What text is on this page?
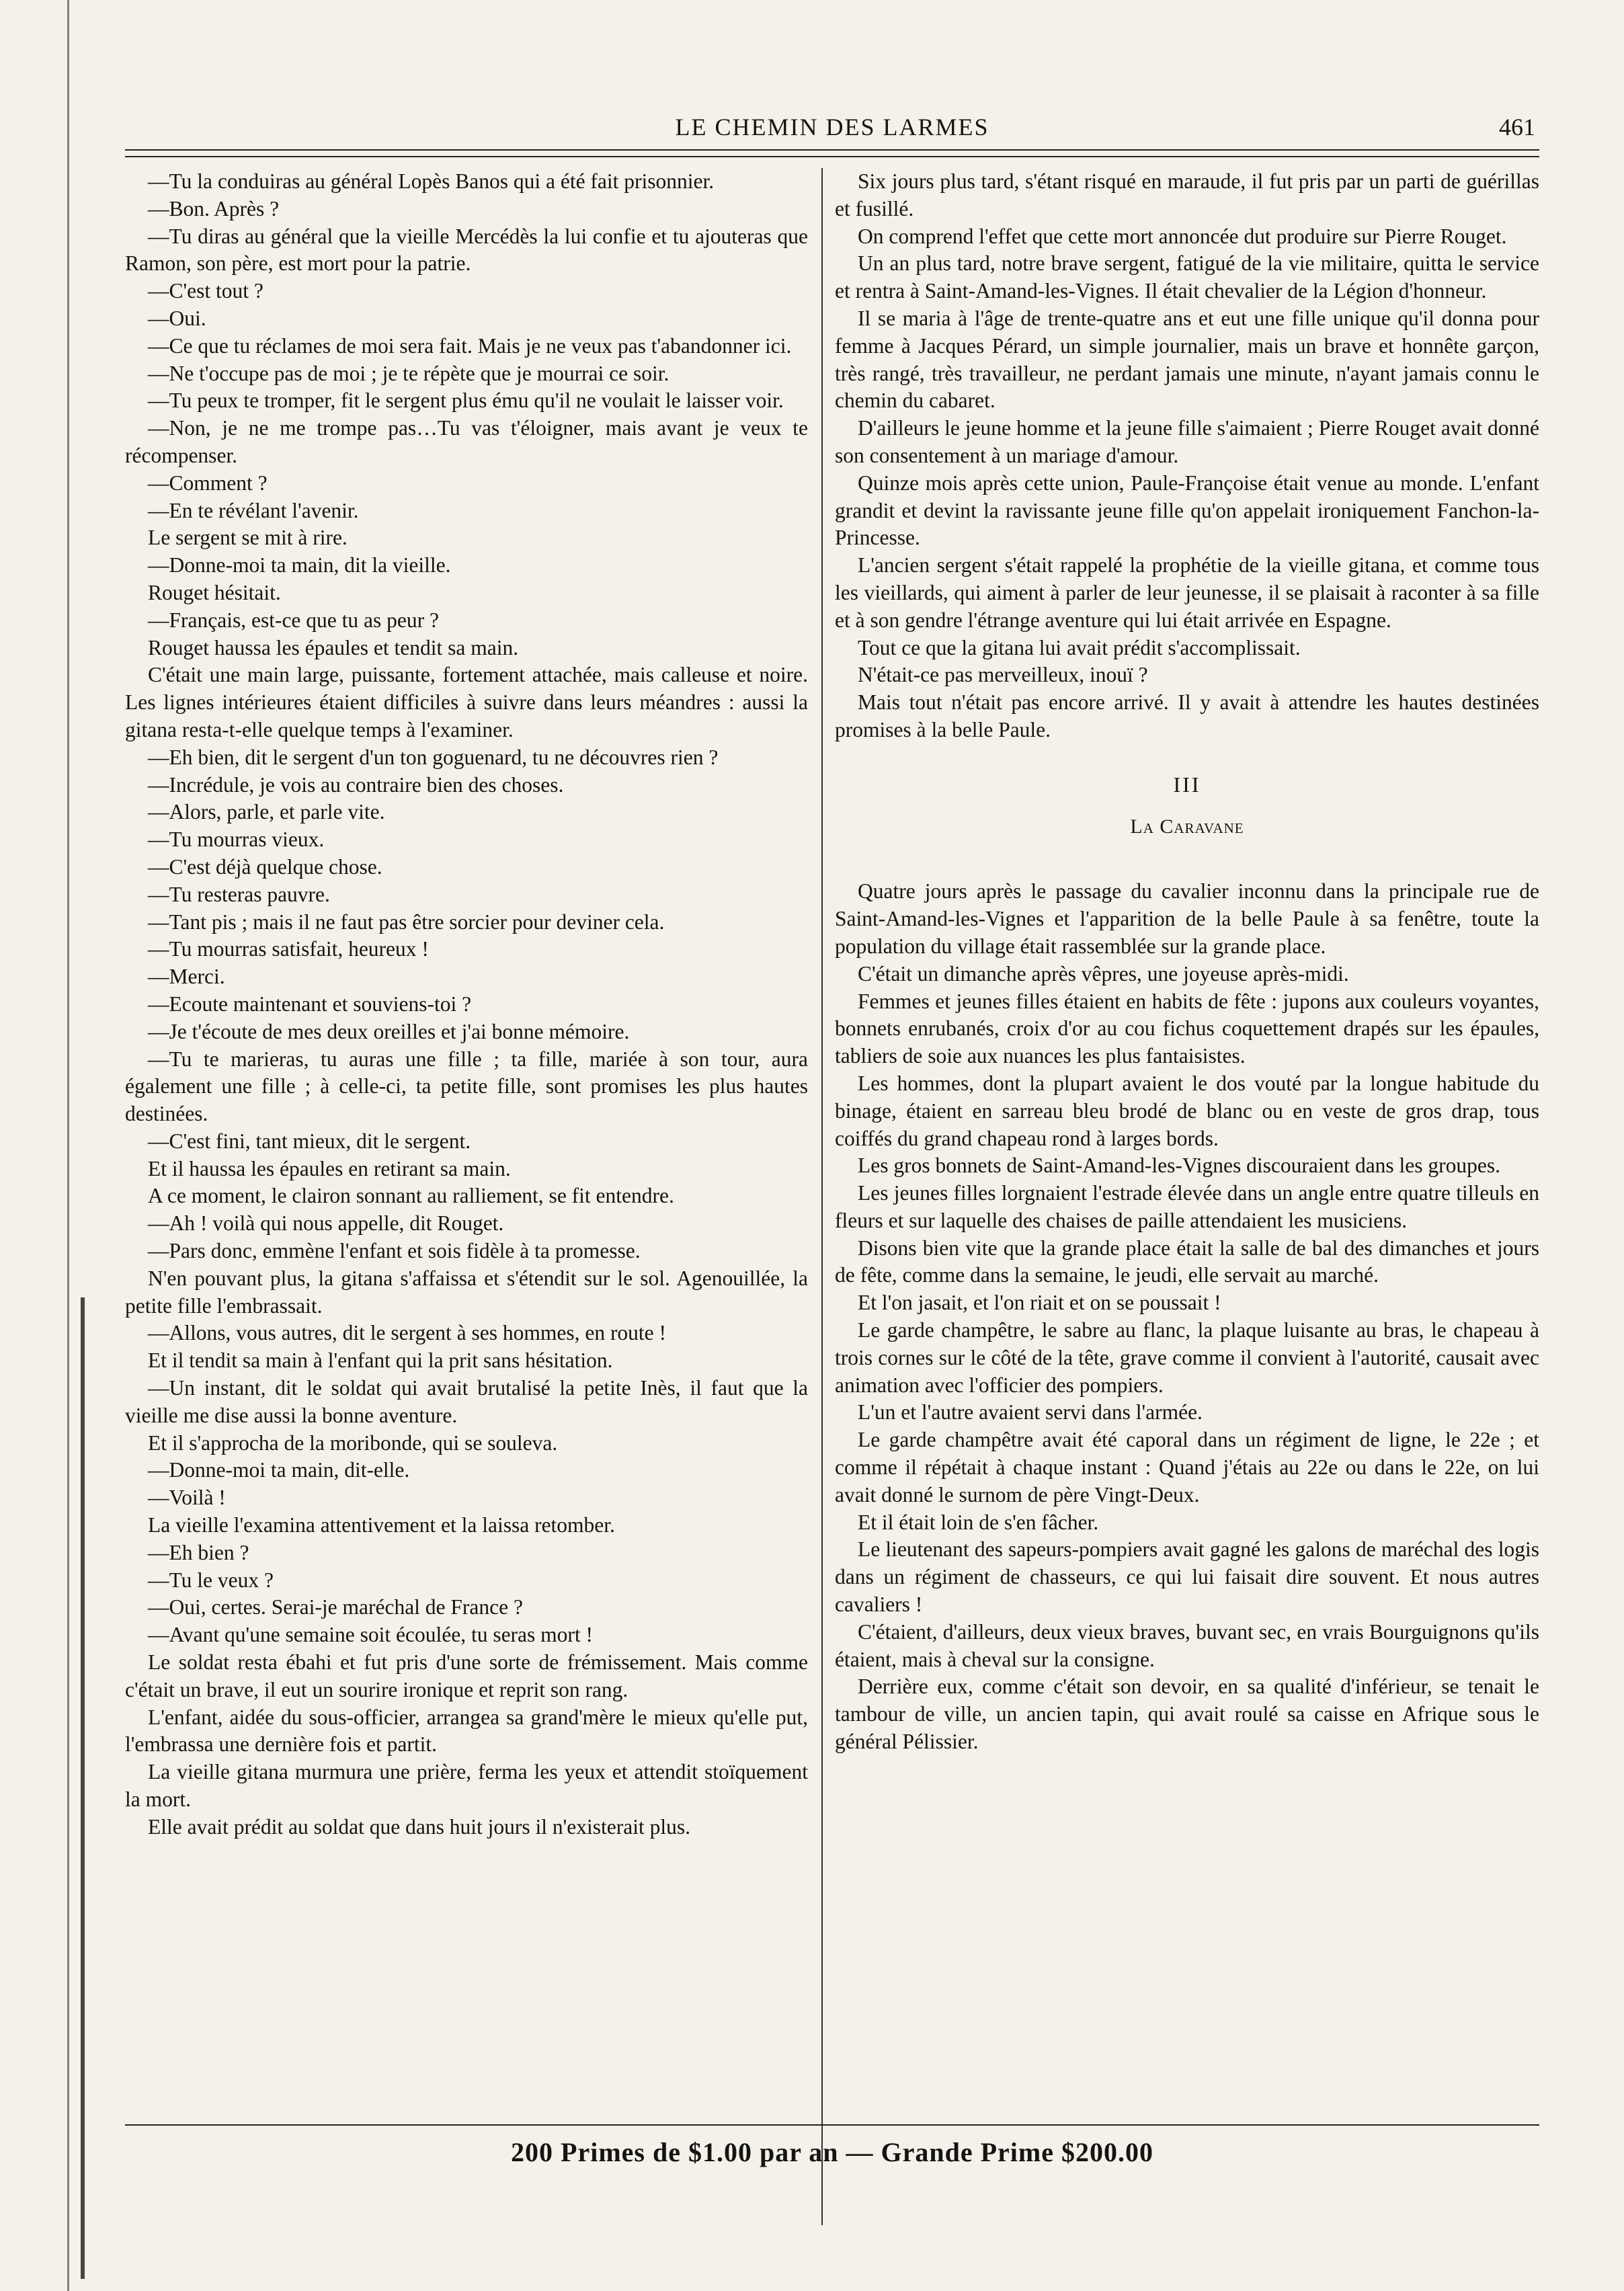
LE CHEMIN DES LARMES	461

—Tu la conduiras au général Lopès Banos qui a été fait prisonnier.

—Bon. Après ?

—Tu diras au général que la vieille Mercédès la lui confie et tu ajouteras que Ramon, son père, est mort pour la patrie.

—C'est tout ?

—Oui.

—Ce que tu réclames de moi sera fait. Mais je ne veux pas t'abandonner ici.

—Ne t'occupe pas de moi ; je te répète que je mourrai ce soir.

—Tu peux te tromper, fit le sergent plus ému qu'il ne voulait le laisser voir.

—Non, je ne me trompe pas…Tu vas t'éloigner, mais avant je veux te récompenser.

—Comment ?

—En te révélant l'avenir.

Le sergent se mit à rire.

—Donne-moi ta main, dit la vieille.

Rouget hésitait.

—Français, est-ce que tu as peur ?

Rouget haussa les épaules et tendit sa main.

C'était une main large, puissante, fortement attachée, mais calleuse et noire. Les lignes intérieures étaient difficiles à suivre dans leurs méandres : aussi la gitana resta-t-elle quelque temps à l'examiner.

—Eh bien, dit le sergent d'un ton goguenard, tu ne découvres rien ?

—Incrédule, je vois au contraire bien des choses.

—Alors, parle, et parle vite.

—Tu mourras vieux.

—C'est déjà quelque chose.

—Tu resteras pauvre.

—Tant pis ; mais il ne faut pas être sorcier pour deviner cela.

—Tu mourras satisfait, heureux !

—Merci.

—Ecoute maintenant et souviens-toi ?

—Je t'écoute de mes deux oreilles et j'ai bonne mémoire.

—Tu te marieras, tu auras une fille ; ta fille, mariée à son tour, aura également une fille ; à celle-ci, ta petite fille, sont promises les plus hautes destinées.

—C'est fini, tant mieux, dit le sergent.

Et il haussa les épaules en retirant sa main.

A ce moment, le clairon sonnant au ralliement, se fit entendre.

—Ah ! voilà qui nous appelle, dit Rouget.

—Pars donc, emmène l'enfant et sois fidèle à ta promesse.

N'en pouvant plus, la gitana s'affaissa et s'étendit sur le sol. Agenouillée, la petite fille l'embrassait.

—Allons, vous autres, dit le sergent à ses hommes, en route !

Et il tendit sa main à l'enfant qui la prit sans hésitation.

—Un instant, dit le soldat qui avait brutalisé la petite Inès, il faut que la vieille me dise aussi la bonne aventure.

Et il s'approcha de la moribonde, qui se souleva.

—Donne-moi ta main, dit-elle.

—Voilà !

La vieille l'examina attentivement et la laissa retomber.

—Eh bien ?

—Tu le veux ?

—Oui, certes. Serai-je maréchal de France ?

—Avant qu'une semaine soit écoulée, tu seras mort !

Le soldat resta ébahi et fut pris d'une sorte de frémissement. Mais comme c'était un brave, il eut un sourire ironique et reprit son rang.

L'enfant, aidée du sous-officier, arrangea sa grand'mère le mieux qu'elle put, l'embrassa une dernière fois et partit.

La vieille gitana murmura une prière, ferma les yeux et attendit stoïquement la mort.

Elle avait prédit au soldat que dans huit jours il n'existerait plus.

Six jours plus tard, s'étant risqué en maraude, il fut pris par un parti de guérillas et fusillé.

On comprend l'effet que cette mort annoncée dut produire sur Pierre Rouget.

Un an plus tard, notre brave sergent, fatigué de la vie militaire, quitta le service et rentra à Saint-Amand-les-Vignes. Il était chevalier de la Légion d'honneur.

Il se maria à l'âge de trente-quatre ans et eut une fille unique qu'il donna pour femme à Jacques Pérard, un simple journalier, mais un brave et honnête garçon, très rangé, très travailleur, ne perdant jamais une minute, n'ayant jamais connu le chemin du cabaret.

D'ailleurs le jeune homme et la jeune fille s'aimaient ; Pierre Rouget avait donné son consentement à un mariage d'amour.

Quinze mois après cette union, Paule-Françoise était venue au monde. L'enfant grandit et devint la ravissante jeune fille qu'on appelait ironiquement Fanchon-la-Princesse.

L'ancien sergent s'était rappelé la prophétie de la vieille gitana, et comme tous les vieillards, qui aiment à parler de leur jeunesse, il se plaisait à raconter à sa fille et à son gendre l'étrange aventure qui lui était arrivée en Espagne.

Tout ce que la gitana lui avait prédit s'accomplissait.

N'était-ce pas merveilleux, inouï ?

Mais tout n'était pas encore arrivé. Il y avait à attendre les hautes destinées promises à la belle Paule.

III

La Caravane

Quatre jours après le passage du cavalier inconnu dans la principale rue de Saint-Amand-les-Vignes et l'apparition de la belle Paule à sa fenêtre, toute la population du village était rassemblée sur la grande place.

C'était un dimanche après vêpres, une joyeuse après-midi.

Femmes et jeunes filles étaient en habits de fête : jupons aux couleurs voyantes, bonnets enrubanés, croix d'or au cou fichus coquettement drapés sur les épaules, tabliers de soie aux nuances les plus fantaisistes.

Les hommes, dont la plupart avaient le dos vouté par la longue habitude du binage, étaient en sarreau bleu brodé de blanc ou en veste de gros drap, tous coiffés du grand chapeau rond à larges bords.

Les gros bonnets de Saint-Amand-les-Vignes discouraient dans les groupes.

Les jeunes filles lorgnaient l'estrade élevée dans un angle entre quatre tilleuls en fleurs et sur laquelle des chaises de paille attendaient les musiciens.

Disons bien vite que la grande place était la salle de bal des dimanches et jours de fête, comme dans la semaine, le jeudi, elle servait au marché.

Et l'on jasait, et l'on riait et on se poussait !

Le garde champêtre, le sabre au flanc, la plaque luisante au bras, le chapeau à trois cornes sur le côté de la tête, grave comme il convient à l'autorité, causait avec animation avec l'officier des pompiers.

L'un et l'autre avaient servi dans l'armée.

Le garde champêtre avait été caporal dans un régiment de ligne, le 22e ; et comme il répétait à chaque instant : Quand j'étais au 22e ou dans le 22e, on lui avait donné le surnom de père Vingt-Deux.

Et il était loin de s'en fâcher.

Le lieutenant des sapeurs-pompiers avait gagné les galons de maréchal des logis dans un régiment de chasseurs, ce qui lui faisait dire souvent. Et nous autres cavaliers !

C'étaient, d'ailleurs, deux vieux braves, buvant sec, en vrais Bourguignons qu'ils étaient, mais à cheval sur la consigne.

Derrière eux, comme c'était son devoir, en sa qualité d'inférieur, se tenait le tambour de ville, un ancien tapin, qui avait roulé sa caisse en Afrique sous le général Pélissier.

200 Primes de $1.00 par an — Grande Prime $200.00
